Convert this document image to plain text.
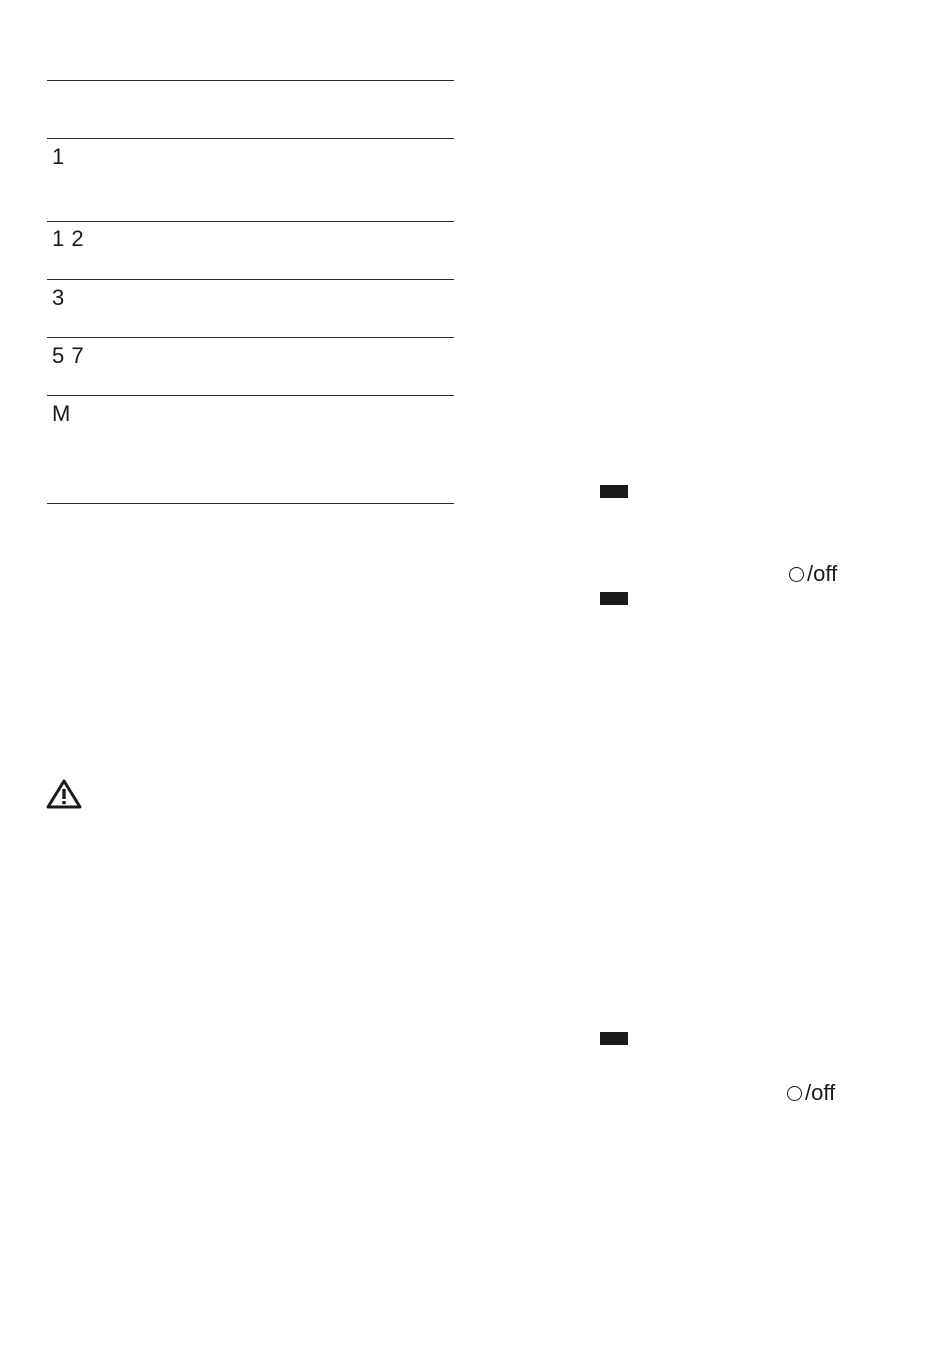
1
1 2
3
5 7
M
/off
/off
